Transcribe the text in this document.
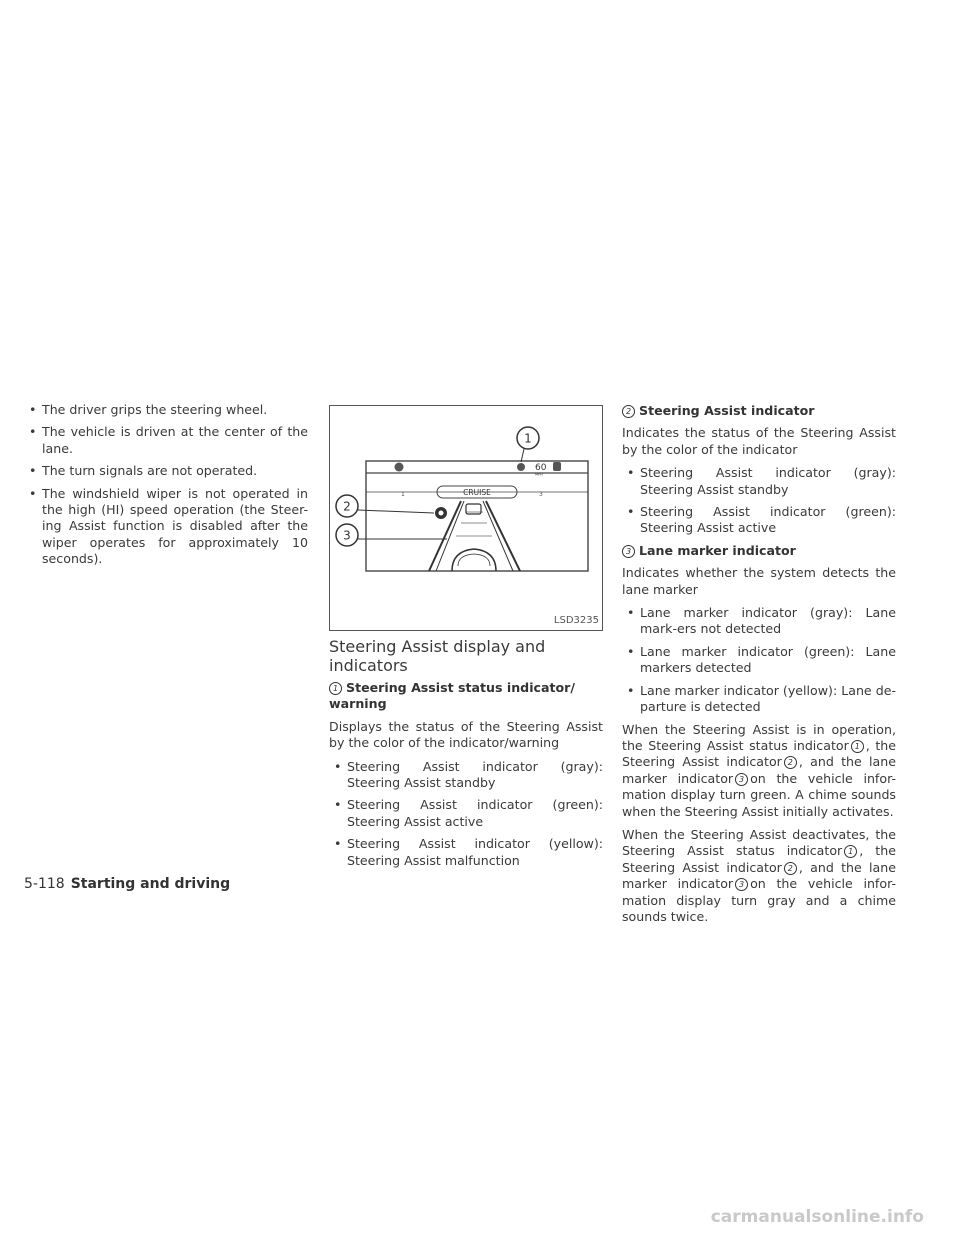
• The driver grips the steering wheel.
• The vehicle is driven at the center of the lane.
• The turn signals are not operated.
• The windshield wiper is not operated in the high (HI) speed operation (the Steer-ing Assist function is disabled after the wiper operates for approximately 10 seconds).
60
MPH
CRUISE
1	3
1
2
3
LSD3235
Steering Assist display and indicators
1 Steering Assist status indicator/ warning

Displays the status of the Steering Assist by the color of the indicator/warning

• Steering Assist indicator (gray): Steering Assist standby
• Steering Assist indicator (green): Steering Assist active
• Steering Assist indicator (yellow): Steering Assist malfunction
2 Steering Assist indicator

Indicates the status of the Steering Assist by the color of the indicator

• Steering Assist indicator (gray): Steering Assist standby
• Steering Assist indicator (green): Steering Assist active
3 Lane marker indicator

Indicates whether the system detects the lane marker

• Lane marker indicator (gray): Lane mark-ers not detected
• Lane marker indicator (green): Lane markers detected
• Lane marker indicator (yellow): Lane de-parture is detected

When the Steering Assist is in operation, the Steering Assist status indicator 1 , the Steering Assist indicator 2 , and the lane marker indicator 3 on the vehicle infor-mation display turn green. A chime sounds when the Steering Assist initially activates.

When the Steering Assist deactivates, the Steering Assist status indicator 1 , the Steering Assist indicator 2 , and the lane marker indicator 3 on the vehicle infor-mation display turn gray and a chime sounds twice.

5-118 Starting and driving
carmanualsonline.info
